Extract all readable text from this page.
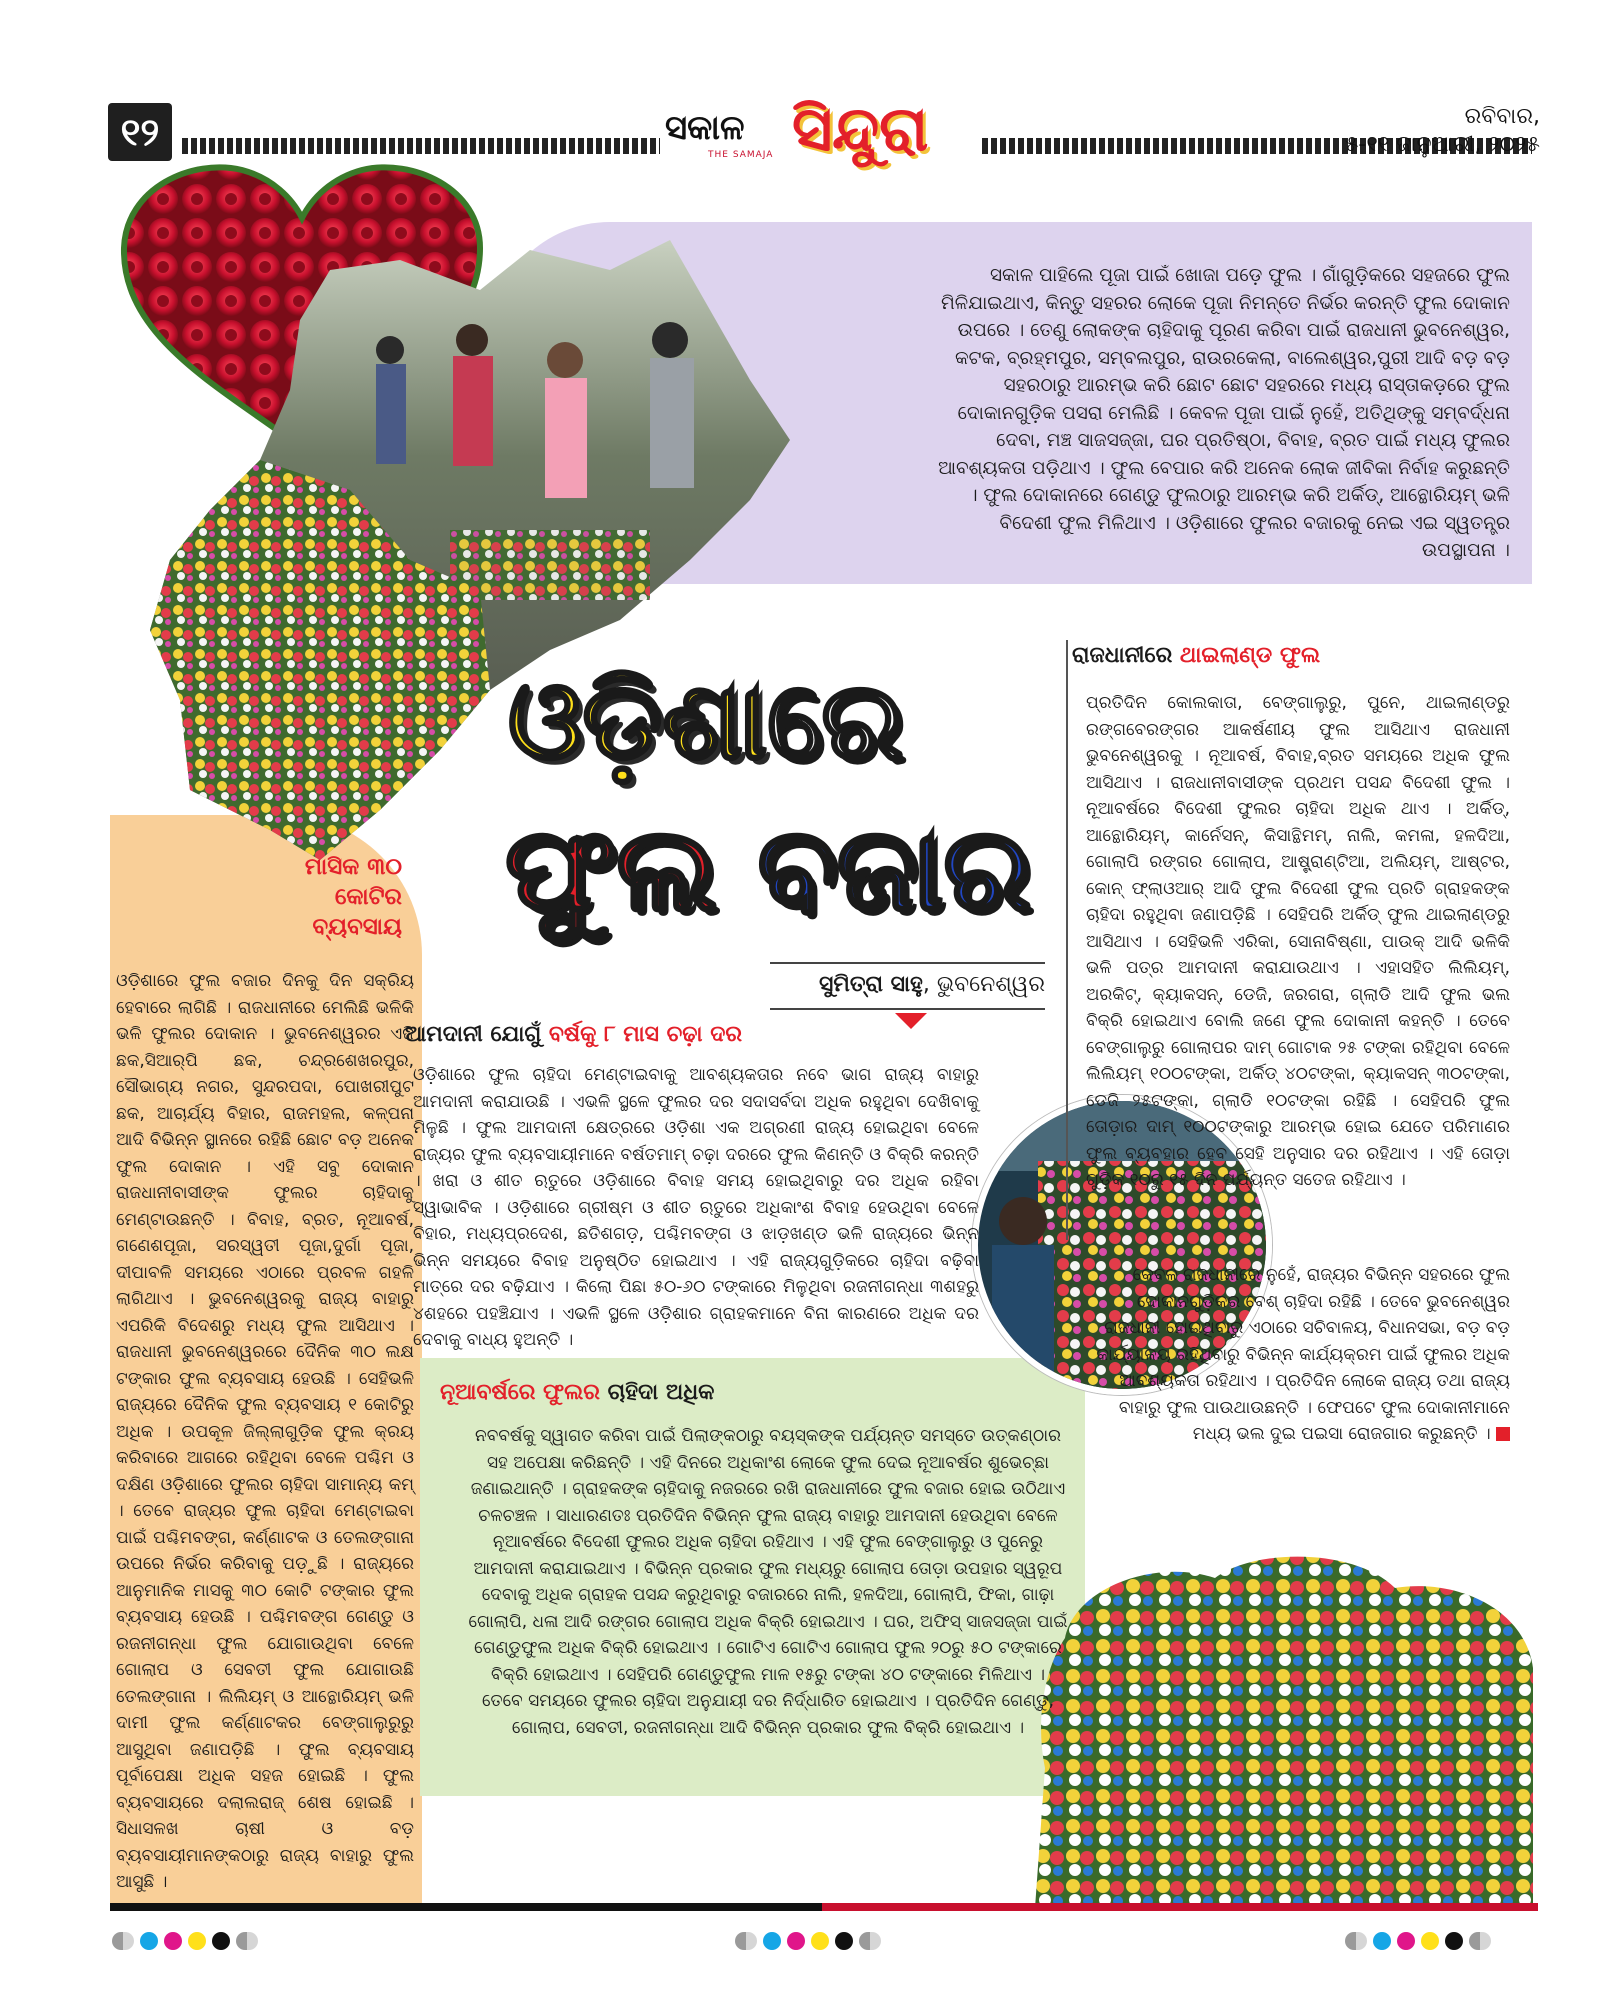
୧୨	ସକାଳ
THE SAMAJA ସିନ୍ଦୁରା	ରବିବାର,
୫-୧୧ ଜାନୁଆରୀ, ୨୦୨୫
ଓଡ଼ିଶାରେ
ଫୁଲ ବଜାର
ସୁମିତ୍ରା ସାହୁ, ଭୁବନେଶ୍ୱର
ସକାଳ ପାହିଲେ ପୂଜା ପାଇଁ ଖୋଜା ପଡ଼େ ଫୁଲ । ଗାଁଗୁଡ଼ିକରେ ସହଜରେ ଫୁଲ ମିଳିଯାଇଥାଏ, କିନ୍ତୁ ସହରର ଲୋକେ ପୂଜା ନିମନ୍ତେ ନିର୍ଭର କରନ୍ତି ଫୁଲ ଦୋକାନ ଉପରେ । ତେଣୁ ଲୋକଙ୍କ ଚାହିଦାକୁ ପୂରଣ କରିବା ପାଇଁ ରାଜଧାନୀ ଭୁବନେଶ୍ୱର, କଟକ, ବ୍ରହ୍ମପୁର, ସମ୍ବଲପୁର, ରାଉରକେଲା, ବାଲେଶ୍ୱର,ପୁରୀ ଆଦି ବଡ଼ ବଡ଼ ସହରଠାରୁ ଆରମ୍ଭ କରି ଛୋଟ ଛୋଟ ସହରରେ ମଧ୍ୟ ରାସ୍ତାକଡ଼ରେ ଫୁଲ ଦୋକାନଗୁଡ଼ିକ ପସରା ମେଲିଛି । କେବଳ ପୂଜା ପାଇଁ ନୁହେଁ, ଅତିଥିଙ୍କୁ ସମ୍ବର୍ଦ୍ଧନା ଦେବା, ମଞ୍ଚ ସାଜସଜ୍ଜା, ଘର ପ୍ରତିଷ୍ଠା, ବିବାହ, ବ୍ରତ ପାଇଁ ମଧ୍ୟ ଫୁଲର ଆବଶ୍ୟକତା ପଡ଼ିଥାଏ । ଫୁଲ ବେପାର କରି ଅନେକ ଲୋକ ଜୀବିକା ନିର୍ବାହ କରୁଛନ୍ତି । ଫୁଲ ଦୋକାନରେ ଗେଣ୍ଡୁ ଫୁଲଠାରୁ ଆରମ୍ଭ କରି ଅର୍କିଡ୍, ଆନ୍ଥୋରିୟମ୍ ଭଳି ବିଦେଶୀ ଫୁଲ ମିଳିଥାଏ । ଓଡ଼ିଶାରେ ଫୁଲର ବଜାରକୁ ନେଇ ଏଇ ସ୍ୱତନ୍ତ୍ର ଉପସ୍ଥାପନା ।
ମାସିକ ୩୦ କୋଟିର ବ୍ୟବସାୟ
ଓଡ଼ିଶାରେ ଫୁଲ ବଜାର ଦିନକୁ ଦିନ ସକ୍ରିୟ ହେବାରେ ଲାଗିଛି । ରାଜଧାନୀରେ ମେଲିଛି ଭଳିକି ଭଳି ଫୁଲର ଦୋକାନ । ଭୁବନେଶ୍ୱରର ଏଜି ଛକ,ସିଆର୍‌ପି ଛକ, ଚନ୍ଦ୍ରଶେଖରପୁର, ସୌଭାଗ୍ୟ ନଗର, ସୁନ୍ଦରପଦା, ପୋଖରୀପୁଟ ଛକ, ଆଚାର୍ଯ୍ୟ ବିହାର, ରାଜମହଲ, କଳ୍ପନା ଆଦି ବିଭିନ୍ନ ସ୍ଥାନରେ ରହିଛି ଛୋଟ ବଡ଼ ଅନେକ ଫୁଲ ଦୋକାନ । ଏହି ସବୁ ଦୋକାନ ରାଜଧାନୀବାସୀଙ୍କ ଫୁଲର ଚାହିଦାକୁ ମେଣ୍ଟାଉଛନ୍ତି । ବିବାହ, ବ୍ରତ, ନୂଆବର୍ଷ, ଗଣେଶପୂଜା, ସରସ୍ୱତୀ ପୂଜା,ଦୁର୍ଗା ପୂଜା, ଦୀପାବଳି ସମୟରେ ଏଠାରେ ପ୍ରବଳ ଗହଳି ଲାଗିଥାଏ । ଭୁବନେଶ୍ୱରକୁ ରାଜ୍ୟ ବାହାରୁ ଏପରିକି ବିଦେଶରୁ ମଧ୍ୟ ଫୁଲ ଆସିଥାଏ । ରାଜଧାନୀ ଭୁବନେଶ୍ୱରରେ ଦୈନିକ ୩୦ ଲକ୍ଷ ଟଙ୍କାର ଫୁଲ ବ୍ୟବସାୟ ହେଉଛି । ସେହିଭଳି ରାଜ୍ୟରେ ଦୈନିକ ଫୁଲ ବ୍ୟବସାୟ ୧ କୋଟିରୁ ଅଧିକ । ଉପକୂଳ ଜିଲ୍ଲାଗୁଡ଼ିକ ଫୁଲ କ୍ରୟ କରିବାରେ ଆଗରେ ରହିଥିବା ବେଳେ ପଶ୍ଚିମ ଓ ଦକ୍ଷିଣ ଓଡ଼ିଶାରେ ଫୁଲର ଚାହିଦା ସାମାନ୍ୟ କମ୍ । ତେବେ ରାଜ୍ୟର ଫୁଲ ଚାହିଦା ମେଣ୍ଟାଇବା ପାଇଁ ପଶ୍ଚିମବଙ୍ଗ, କର୍ଣ୍ଣାଟକ ଓ ତେଲଙ୍ଗାନା ଉପରେ ନିର୍ଭର କରିବାକୁ ପଡ଼ୁଛି । ରାଜ୍ୟରେ ଆନୁମାନିକ ମାସକୁ ୩୦ କୋଟି ଟଙ୍କାର ଫୁଲ ବ୍ୟବସାୟ ହେଉଛି । ପଶ୍ଚିମବଙ୍ଗ ଗେଣ୍ଡୁ ଓ ରଜନୀଗନ୍ଧା ଫୁଲ ଯୋଗାଉଥିବା ବେଳେ ଗୋଲାପ ଓ ସେବତୀ ଫୁଲ ଯୋଗାଉଛି ତେଲଙ୍ଗାନା । ଲିଲିୟମ୍ ଓ ଆନ୍ଥୋରିୟମ୍ ଭଳି ଦାମୀ ଫୁଲ କର୍ଣ୍ଣାଟକର ବେଙ୍ଗାଲୁରୁରୁ ଆସୁଥିବା ଜଣାପଡ଼ିଛି । ଫୁଲ ବ୍ୟବସାୟ ପୂର୍ବାପେକ୍ଷା ଅଧିକ ସହଜ ହୋଇଛି । ଫୁଲ ବ୍ୟବସାୟରେ ଦଲାଲରାଜ୍ ଶେଷ ହୋଇଛି । ସିଧାସଳଖ ଚାଷୀ ଓ ବଡ଼ ବ୍ୟବସାୟୀମାନଙ୍କଠାରୁ ରାଜ୍ୟ ବାହାରୁ ଫୁଲ ଆସୁଛି ।
ଆମଦାନୀ ଯୋଗୁଁ ବର୍ଷକୁ ୮ ମାସ ଚଢ଼ା ଦର
ଓଡ଼ିଶାରେ ଫୁଲ ଚାହିଦା ମେଣ୍ଟାଇବାକୁ ଆବଶ୍ୟକତାର ନବେ ଭାଗ ରାଜ୍ୟ ବାହାରୁ ଆମଦାନୀ କରାଯାଉଛି । ଏଭଳି ସ୍ଥଳେ ଫୁଲର ଦର ସଦାସର୍ବଦା ଅଧିକ ରହୁଥିବା ଦେଖିବାକୁ ମିଳୁଛି । ଫୁଲ ଆମଦାନୀ କ୍ଷେତ୍ରରେ ଓଡ଼ିଶା ଏକ ଅଗ୍ରଣୀ ରାଜ୍ୟ ହୋଇଥିବା ବେଳେ ରାଜ୍ୟର ଫୁଲ ବ୍ୟବସାୟୀମାନେ ବର୍ଷତମାମ୍ ଚଢ଼ା ଦରରେ ଫୁଲ କିଣନ୍ତି ଓ ବିକ୍ରି କରନ୍ତି । ଖରା ଓ ଶୀତ ଋତୁରେ ଓଡ଼ିଶାରେ ବିବାହ ସମୟ ହୋଇଥିବାରୁ ଦର ଅଧିକ ରହିବା ସ୍ୱାଭାବିକ । ଓଡ଼ିଶାରେ ଗ୍ରୀଷ୍ମ ଓ ଶୀତ ଋତୁରେ ଅଧିକାଂଶ ବିବାହ ହେଉଥିବା ବେଳେ ବିହାର, ମଧ୍ୟପ୍ରଦେଶ, ଛତିଶଗଡ଼, ପଶ୍ଚିମବଙ୍ଗ ଓ ଝାଡ଼ଖଣ୍ଡ ଭଳି ରାଜ୍ୟରେ ଭିନ୍ନ ଭିନ୍ନ ସମୟରେ ବିବାହ ଅନୁଷ୍ଠିତ ହୋଇଥାଏ । ଏହି ରାଜ୍ୟଗୁଡ଼ିକରେ ଚାହିଦା ବଢ଼ିବା ମାତ୍ରେ ଦର ବଢ଼ିଯାଏ । କିଲୋ ପିଛା ୫୦-୬୦ ଟଙ୍କାରେ ମିଳୁଥିବା ରଜନୀଗନ୍ଧା ୩ଶହରୁ ୪ଶହରେ ପହଞ୍ଚିଯାଏ । ଏଭଳି ସ୍ଥଳେ ଓଡ଼ିଶାର ଗ୍ରାହକମାନେ ବିନା କାରଣରେ ଅଧିକ ଦର ଦେବାକୁ ବାଧ୍ୟ ହୁଅନ୍ତି ।
ରାଜଧାନୀରେ ଥାଇଲାଣ୍ଡ ଫୁଲ
ପ୍ରତିଦିନ କୋଲକାତା, ବେଙ୍ଗାଲୁରୁ, ପୁନେ, ଥାଇଲାଣ୍ଡରୁ ରଙ୍ଗବେରଙ୍ଗର ଆକର୍ଷଣୀୟ ଫୁଲ ଆସିଥାଏ ରାଜଧାନୀ ଭୁବନେଶ୍ୱରକୁ । ନୂଆବର୍ଷ, ବିବାହ,ବ୍ରତ ସମୟରେ ଅଧିକ ଫୁଲ ଆସିଥାଏ । ରାଜଧାନୀବାସୀଙ୍କ ପ୍ରଥମ ପସନ୍ଦ ବିଦେଶୀ ଫୁଲ । ନୂଆବର୍ଷରେ ବିଦେଶୀ ଫୁଲର ଚାହିଦା ଅଧିକ ଥାଏ । ଅର୍କିଡ୍, ଆନ୍ଥୋରିୟମ୍, କାର୍ନେସନ୍, କିସାନ୍ଥିମମ୍, ନାଲି, କମଳା, ହଳଦିଆ, ଗୋଲାପି ରଙ୍ଗର ଗୋଲାପ, ଆଷ୍ଟ୍ରାଣ୍ଟିଆ, ଅଲିୟମ୍, ଆଷ୍ଟର, କୋନ୍ ଫ୍ଲାଓଆର୍ ଆଦି ଫୁଲ ବିଦେଶୀ ଫୁଲ ପ୍ରତି ଗ୍ରାହକଙ୍କ ଚାହିଦା ରହୁଥିବା ଜଣାପଡ଼ିଛି । ସେହିପରି ଅର୍କିଡ୍ ଫୁଲ ଥାଇଲାଣ୍ଡରୁ ଆସିଥାଏ । ସେହିଭଳି ଏରିକା, ସୋନାବିଷ୍ଣା, ପାଉକ୍ ଆଦି ଭଳିକି ଭଳି ପତ୍ର ଆମଦାନୀ କରାଯାଉଥାଏ । ଏହାସହିତ ଲିଲିୟମ୍, ଅରକିଟ୍, କ୍ୟାକସନ୍, ଡେଜି, ଜରଗରା, ଗ୍ଲାଡି ଆଦି ଫୁଲ ଭଲ ବିକ୍ରି ହୋଇଥାଏ ବୋଲି ଜଣେ ଫୁଲ ଦୋକାନୀ କହନ୍ତି । ତେବେ ବେଙ୍ଗାଲୁରୁ ଗୋଲାପର ଦାମ୍ ଗୋଟାକ ୨୫ ଟଙ୍କା ରହିଥିବା ବେଳେ ଲିଲିୟମ୍ ୧୦୦ଟଙ୍କା, ଅର୍କିଡ୍ ୪୦ଟଙ୍କା, କ୍ୟାକସନ୍ ୩୦ଟଙ୍କା, ଡେଜି ୨୫ଟଙ୍କା, ଗ୍ଲାଡି ୧୦ଟଙ୍କା ରହିଛି । ସେହିପରି ଫୁଲ ତୋଡ଼ାର ଦାମ୍ ୧୦୦ଟଙ୍କାରୁ ଆରମ୍ଭ ହୋଇ ଯେତେ ପରିମାଣର ଫୁଲ ବ୍ୟବହାର ହେବ ସେହି ଅନୁସାର ଦର ରହିଥାଏ । ଏହି ତୋଡ଼ା ଗୁଡ଼ିକ ୧୦ରୁ ୧୫ ଦିନ ପର୍ଯ୍ୟନ୍ତ ସତେଜ ରହିଥାଏ ।
କେବଳ ରାଜଧାନୀରେ ନୁହେଁ, ରାଜ୍ୟର ବିଭିନ୍ନ ସହରରେ ଫୁଲ ଦୋକାନଗୁଡ଼ିକର ବେଶ୍ ଚାହିଦା ରହିଛି । ତେବେ ଭୁବନେଶ୍ୱର ରାଜଧାନୀ ହୋଇଥିବାରୁ ଏଠାରେ ସଚିବାଳୟ, ବିଧାନସଭା, ବଡ଼ ବଡ଼ କାର୍ଯ୍ୟାଳୟ ରହିଥିବାରୁ ବିଭିନ୍ନ କାର୍ଯ୍ୟକ୍ରମ ପାଇଁ ଫୁଲର ଅଧିକ ଆବଶ୍ୟକତା ରହିଥାଏ । ପ୍ରତିଦିନ ଲୋକେ ରାଜ୍ୟ ତଥା ରାଜ୍ୟ ବାହାରୁ ଫୁଲ ପାଉଥାଉଛନ୍ତି । ଫେପଟେ ଫୁଲ ଦୋକାନୀମାନେ ମଧ୍ୟ ଭଲ ଦୁଇ ପଇସା ରୋଜଗାର କରୁଛନ୍ତି ।
ନୂଆବର୍ଷରେ ଫୁଲର ଚାହିଦା ଅଧିକ
ନବବର୍ଷକୁ ସ୍ୱାଗତ କରିବା ପାଇଁ ପିଲାଙ୍କଠାରୁ ବୟସ୍କଙ୍କ ପର୍ଯ୍ୟନ୍ତ ସମସ୍ତେ ଉତ୍କଣ୍ଠାର ସହ ଅପେକ୍ଷା କରିଛନ୍ତି । ଏହି ଦିନରେ ଅଧିକାଂଶ ଲୋକେ ଫୁଲ ଦେଇ ନୂଆବର୍ଷର ଶୁଭେଚ୍ଛା ଜଣାଇଥାନ୍ତି । ଗ୍ରାହକଙ୍କ ଚାହିଦାକୁ ନଜରରେ ରଖି ରାଜଧାନୀରେ ଫୁଲ ବଜାର ହୋଇ ଉଠିଥାଏ ଚଳଚଞ୍ଚଳ । ସାଧାରଣତଃ ପ୍ରତିଦିନ ବିଭିନ୍ନ ଫୁଲ ରାଜ୍ୟ ବାହାରୁ ଆମଦାନୀ ହେଉଥିବା ବେଳେ ନୂଆବର୍ଷରେ ବିଦେଶୀ ଫୁଲର ଅଧିକ ଚାହିଦା ରହିଥାଏ । ଏହି ଫୁଲ ବେଙ୍ଗାଲୁରୁ ଓ ପୁନେରୁ ଆମଦାନୀ କରାଯାଇଥାଏ । ବିଭିନ୍ନ ପ୍ରକାର ଫୁଲ ମଧ୍ୟରୁ ଗୋଲାପ ତୋଡ଼ା ଉପହାର ସ୍ୱରୂପ ଦେବାକୁ ଅଧିକ ଗ୍ରାହକ ପସନ୍ଦ କରୁଥିବାରୁ ବଜାରରେ ନାଲି, ହଳଦିଆ, ଗୋଲାପି, ଫିକା, ଗାଢ଼ା ଗୋଲାପି, ଧଳା ଆଦି ରଙ୍ଗର ଗୋଲାପ ଅଧିକ ବିକ୍ରି ହୋଇଥାଏ । ଘର, ଅଫିସ୍ ସାଜସଜ୍ଜା ପାଇଁ ଗେଣ୍ଡୁଫୁଲ ଅଧିକ ବିକ୍ରି ହୋଇଥାଏ । ଗୋଟିଏ ଗୋଟିଏ ଗୋଲାପ ଫୁଲ ୨୦ରୁ ୫୦ ଟଙ୍କାରେ ବିକ୍ରି ହୋଇଥାଏ । ସେହିପରି ଗେଣ୍ଡୁଫୁଲ ମାଳ ୧୫ରୁ ଟଙ୍କା ୪୦ ଟଙ୍କାରେ ମିଳିଥାଏ । ତେବେ ସମୟରେ ଫୁଲର ଚାହିଦା ଅନୁଯାୟୀ ଦର ନିର୍ଦ୍ଧାରିତ ହୋଇଥାଏ । ପ୍ରତିଦିନ ଗେଣ୍ଡୁ, ଗୋଲାପ, ସେବତୀ, ରଜନୀଗନ୍ଧା ଆଦି ବିଭିନ୍ନ ପ୍ରକାର ଫୁଲ ବିକ୍ରି ହୋଇଥାଏ ।
